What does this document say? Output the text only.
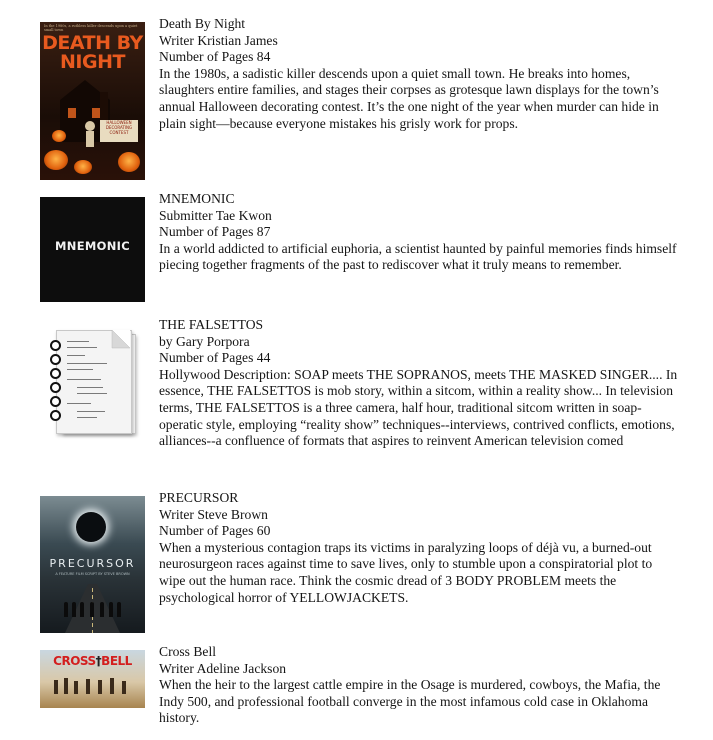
In the 1980s, a ruthless killer descends upon a quiet small town
DEATH BY
NIGHT
HALLOWEEN DECORATING CONTEST
Death By Night
Writer Kristian James
Number of Pages 84
In the 1980s, a sadistic killer descends upon a quiet small town. He breaks into homes, slaughters entire families, and stages their corpses as grotesque lawn displays for the town’s annual Halloween decorating contest. It’s the one night of the year when murder can hide in plain sight—because everyone mistakes his grisly work for props.
MNEMONIC
MNEMONIC
Submitter Tae Kwon
Number of Pages 87
In a world addicted to artificial euphoria, a scientist haunted by painful memories finds himself piecing together fragments of the past to rediscover what it truly means to remember.
THE FALSETTOS
by Gary Porpora
Number of Pages 44
Hollywood Description: SOAP meets THE SOPRANOS, meets THE MASKED SINGER.... In essence, THE FALSETTOS is mob story, within a sitcom, within a reality show... In television terms, THE FALSETTOS is a three camera, half hour, traditional sitcom written in soap-operatic style, employing “reality show” techniques--interviews, contrived conflicts, emotions, alliances--a confluence of formats that aspires to reinvent American television comed
PRECURSOR
A FEATURE FILM SCRIPT BY STEVE BROWN
PRECURSOR
Writer Steve Brown
Number of Pages 60
When a mysterious contagion traps its victims in paralyzing loops of déjà vu, a burned-out neurosurgeon races against time to save lives, only to stumble upon a conspiratorial plot to wipe out the human race. Think the cosmic dread of 3 BODY PROBLEM meets the psychological horror of YELLOWJACKETS.
CROSS†BELL
Cross Bell
Writer Adeline Jackson
When the heir to the largest cattle empire in the Osage is murdered, cowboys, the Mafia, the Indy 500, and professional football converge in the most infamous cold case in Oklahoma history.
